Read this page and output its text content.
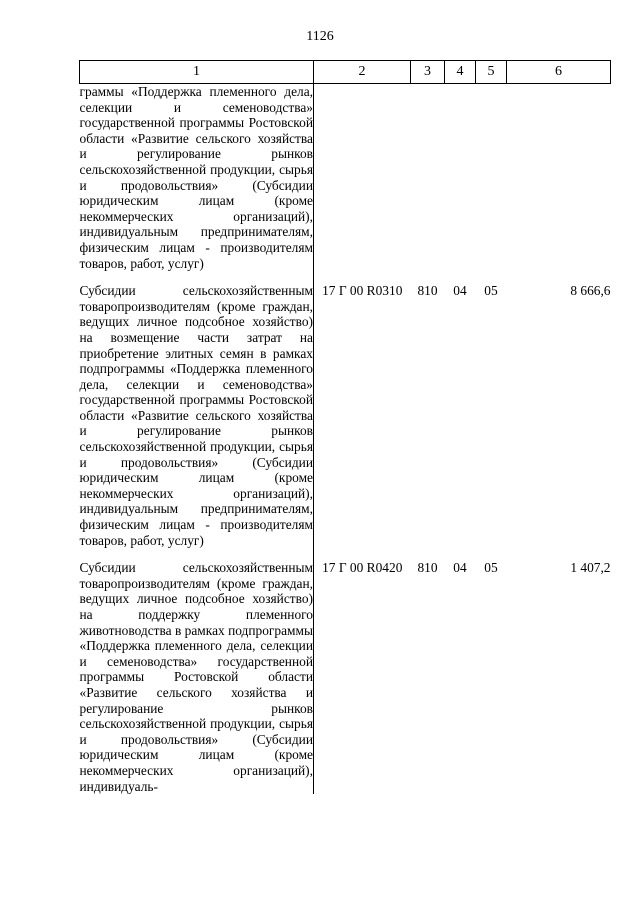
1126
1	2	3	4	5	6
граммы «Поддержка племенного дела, селекции и семеноводства» государственной программы Ростовской области «Развитие сельского хозяйства и регулирование рынков сельскохозяйственной продукции, сырья и продовольствия» (Субсидии юридическим лицам (кроме некоммерческих организаций), индивидуальным предпринимателям, физическим лицам - производителям товаров, работ, услуг)					

Субсидии сельскохозяйственным товаропроизводителям (кроме граждан, ведущих личное подсобное хозяйство) на возмещение части затрат на приобретение элитных семян в рамках подпрограммы «Поддержка племенного дела, селекции и семеноводства» государственной программы Ростовской области «Развитие сельского хозяйства и регулирование рынков сельскохозяйственной продукции, сырья и продовольствия» (Субсидии юридическим лицам (кроме некоммерческих организаций), индивидуальным предпринимателям, физическим лицам - производителям товаров, работ, услуг)	17 Г 00 R0310	810	04	05	8 666,6

Субсидии сельскохозяйственным товаропроизводителям (кроме граждан, ведущих личное подсобное хозяйство) на поддержку племенного животноводства в рамках подпрограммы «Поддержка племенного дела, селекции и семеноводства» государственной программы Ростовской области «Развитие сельского хозяйства и регулирование рынков сельскохозяйственной продукции, сырья и продовольствия» (Субсидии юридическим лицам (кроме некоммерческих организаций), индивидуаль-	17 Г 00 R0420	810	04	05	1 407,2
